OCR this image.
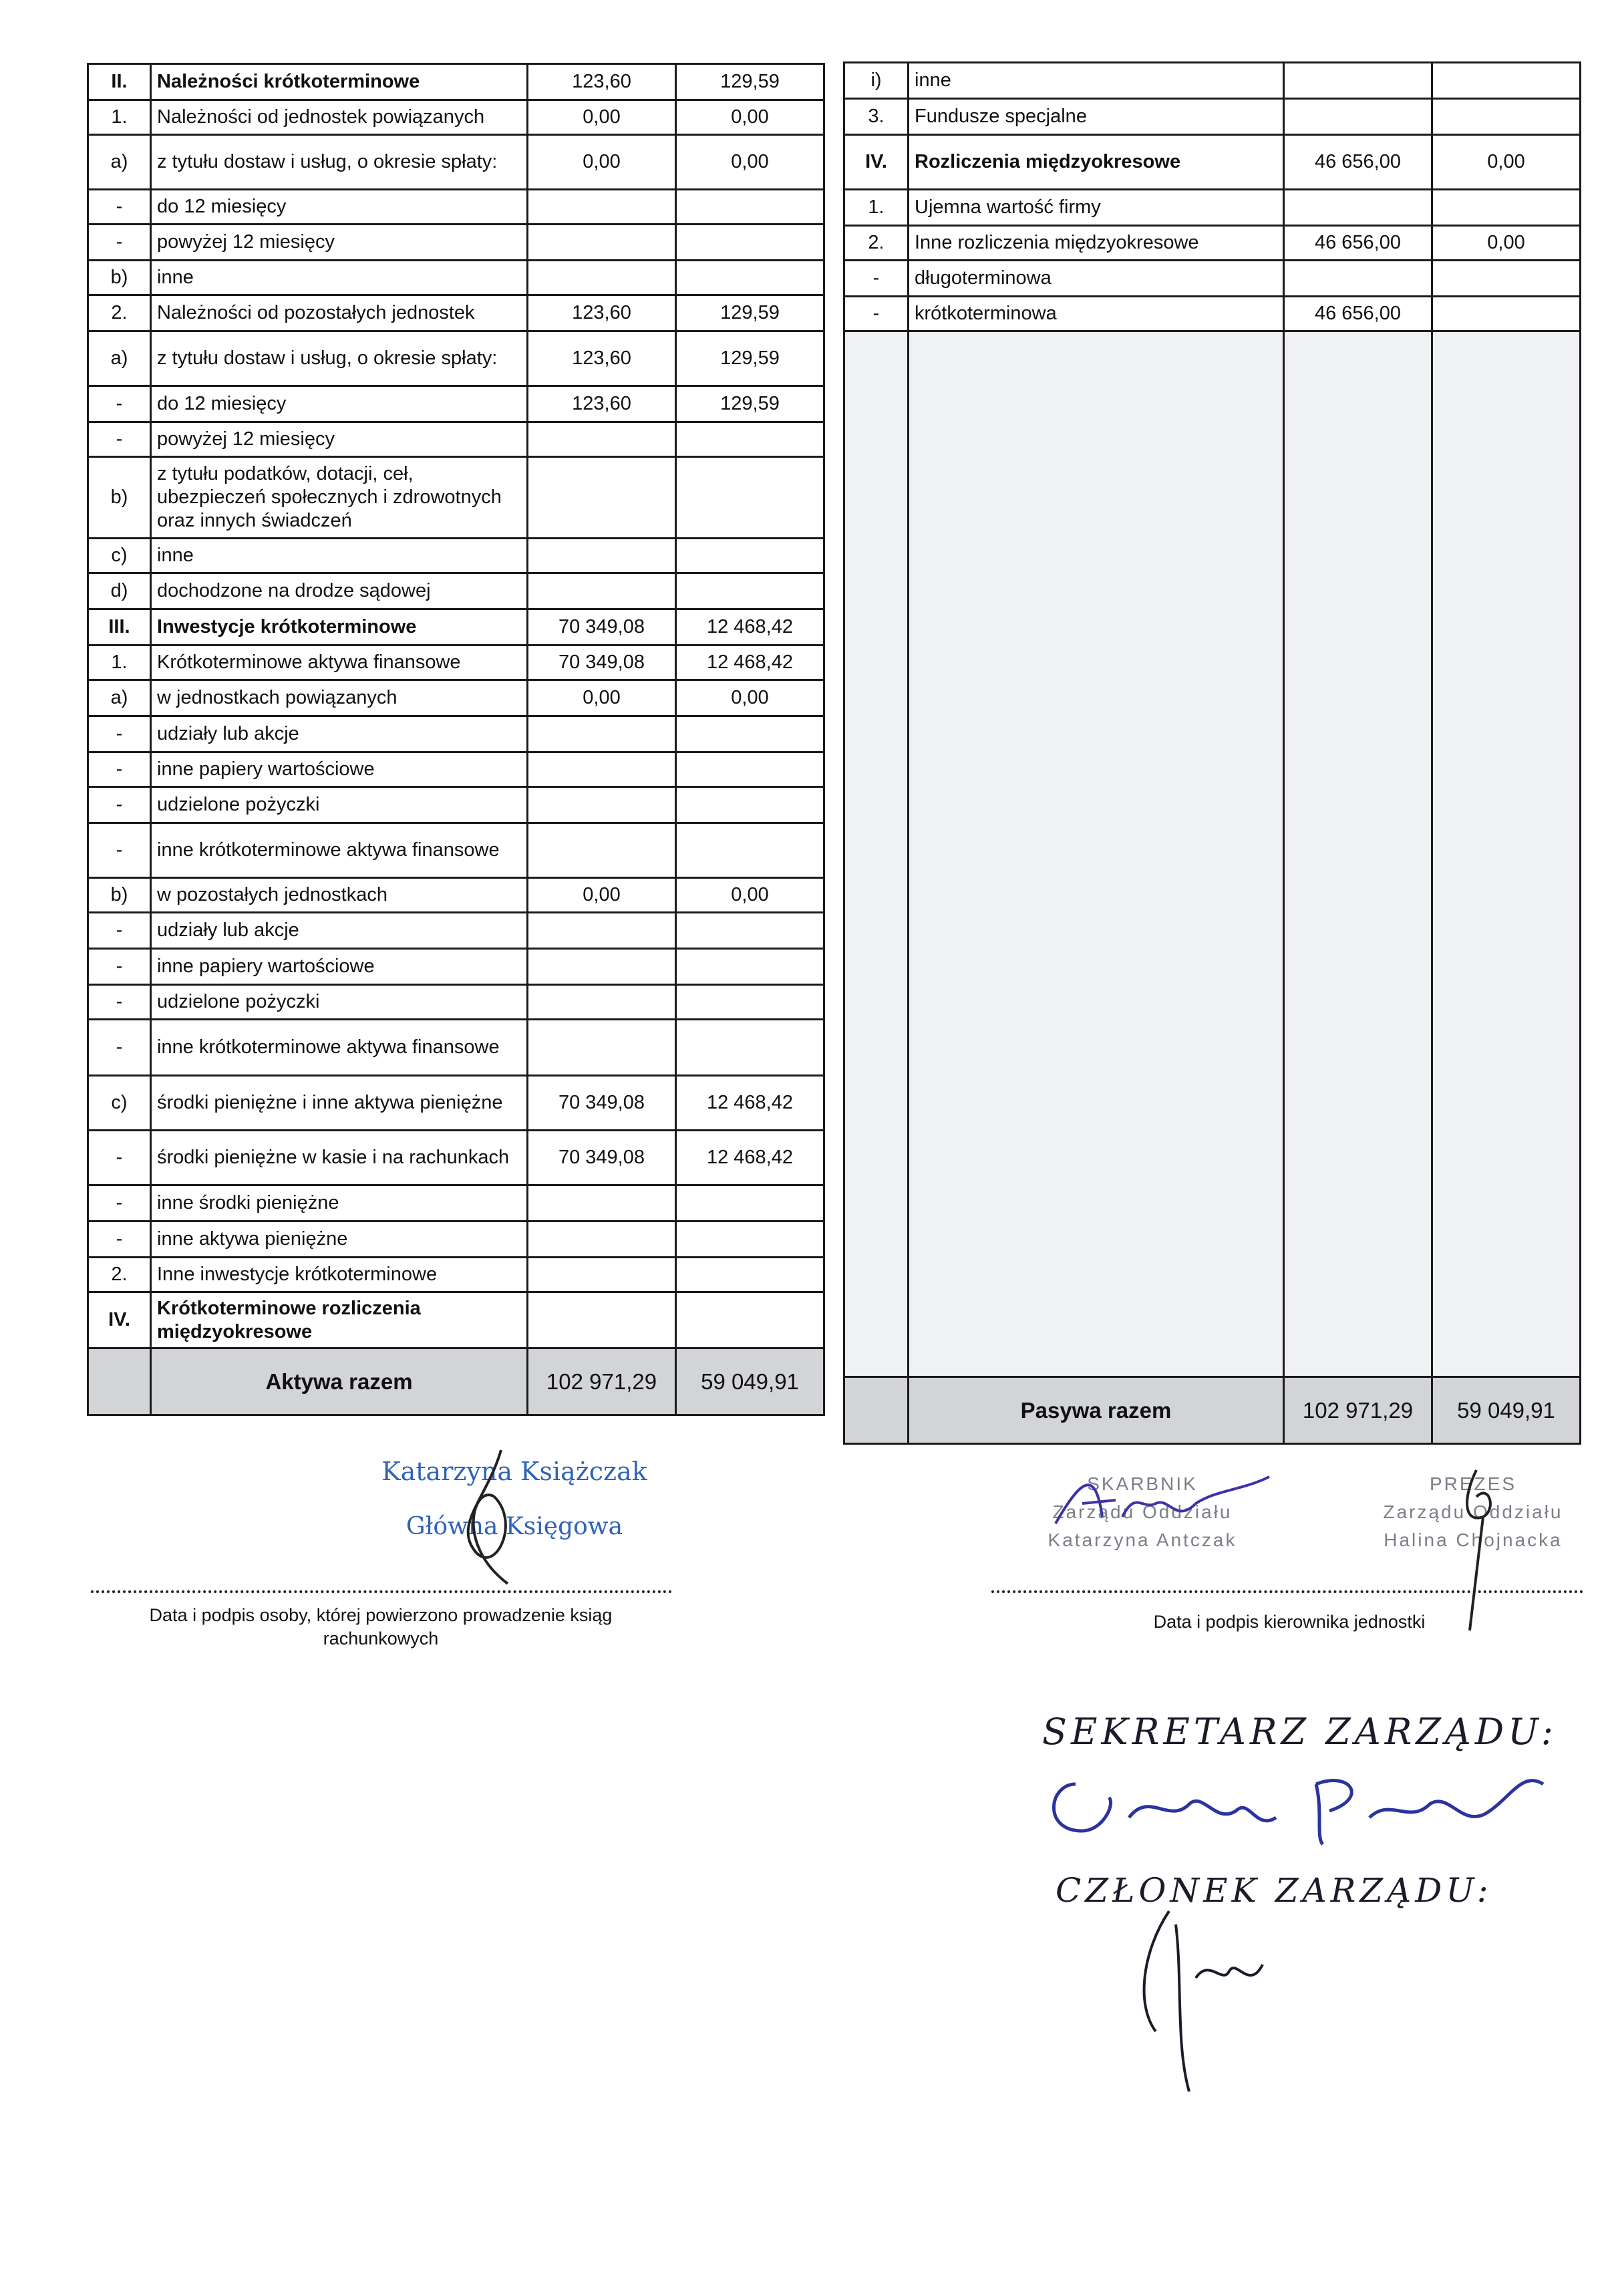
II.	Należności krótkoterminowe	123,60	129,59
1.	Należności od jednostek powiązanych	0,00	0,00
a)	z tytułu dostaw i usług, o okresie spłaty:	0,00	0,00
-	do 12 miesięcy		
-	powyżej 12 miesięcy		
b)	inne		
2.	Należności od pozostałych jednostek	123,60	129,59
a)	z tytułu dostaw i usług, o okresie spłaty:	123,60	129,59
-	do 12 miesięcy	123,60	129,59
-	powyżej 12 miesięcy		
b)	z tytułu podatków, dotacji, ceł, ubezpieczeń społecznych i zdrowotnych oraz innych świadczeń		
c)	inne		
d)	dochodzone na drodze sądowej		
III.	Inwestycje krótkoterminowe	70 349,08	12 468,42
1.	Krótkoterminowe aktywa finansowe	70 349,08	12 468,42
a)	w jednostkach powiązanych	0,00	0,00
-	udziały lub akcje		
-	inne papiery wartościowe		
-	udzielone pożyczki		
-	inne krótkoterminowe aktywa finansowe		
b)	w pozostałych jednostkach	0,00	0,00
-	udziały lub akcje		
-	inne papiery wartościowe		
-	udzielone pożyczki		
-	inne krótkoterminowe aktywa finansowe		
c)	środki pieniężne i inne aktywa pieniężne	70 349,08	12 468,42
-	środki pieniężne w kasie i na rachunkach	70 349,08	12 468,42
-	inne środki pieniężne		
-	inne aktywa pieniężne		
2.	Inne inwestycje krótkoterminowe		
IV.	Krótkoterminowe rozliczenia międzyokresowe		
	Aktywa razem	102 971,29	59 049,91
i)	inne		
3.	Fundusze specjalne		
IV.	Rozliczenia międzyokresowe	46 656,00	0,00
1.	Ujemna wartość firmy		
2.	Inne rozliczenia międzyokresowe	46 656,00	0,00
-	długoterminowa		
-	krótkoterminowa	46 656,00	

	Pasywa razem	102 971,29	59 049,91
Katarzyna Książczak
Główna Księgowa
Data i podpis osoby, której powierzono prowadzenie ksiąg rachunkowych
SKARBNIK
Zarządu Oddziału
Katarzyna Antczak
PREZES
Zarządu Oddziału
Halina Chojnacka
Data i podpis kierownika jednostki
SEKRETARZ ZARZĄDU:
CZŁONEK ZARZĄDU:
